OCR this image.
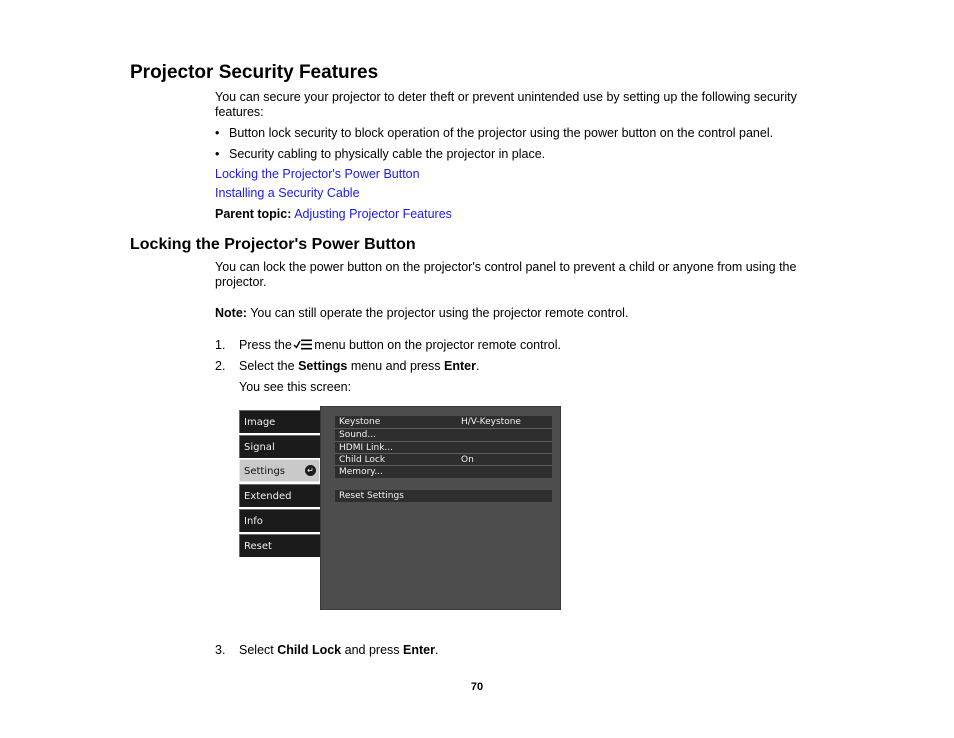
Projector Security Features
You can secure your projector to deter theft or prevent unintended use by setting up the following security features:
• Button lock security to block operation of the projector using the power button on the control panel.
• Security cabling to physically cable the projector in place.
Locking the Projector's Power Button
Installing a Security Cable
Parent topic: Adjusting Projector Features
Locking the Projector's Power Button
You can lock the power button on the projector's control panel to prevent a child or anyone from using the projector.
Note: You can still operate the projector using the projector remote control.
1. Press the menu button on the projector remote control.
2. Select the Settings menu and press Enter.
You see this screen:
Image
Signal
Settings	↵
Extended
Info
Reset
Keystone	H/V-Keystone
Sound...
HDMI Link...
Child Lock	On
Memory...
Reset Settings
3. Select Child Lock and press Enter.
70
